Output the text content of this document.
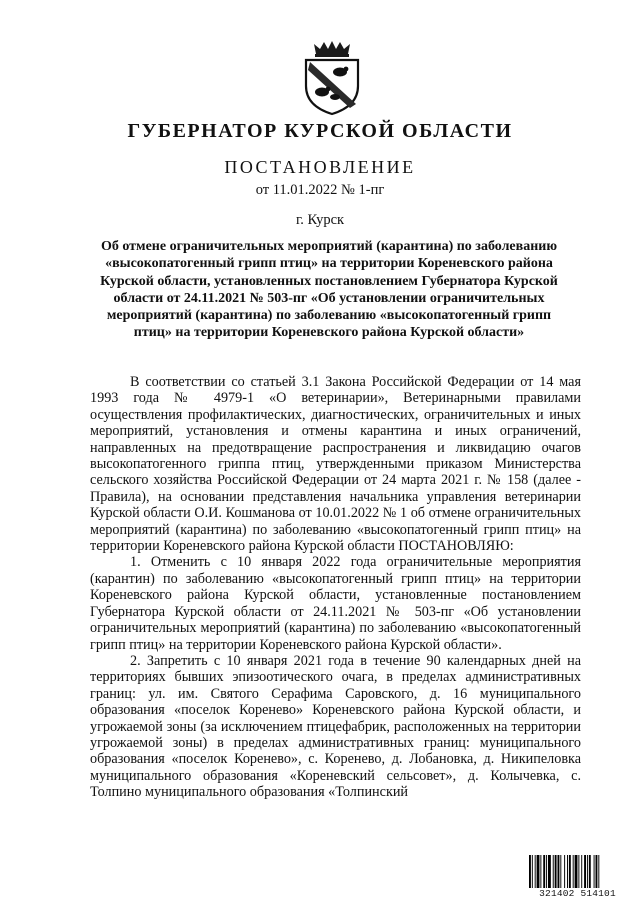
ГУБЕРНАТОР КУРСКОЙ ОБЛАСТИ
ПОСТАНОВЛЕНИЕ
от 11.01.2022 № 1-пг
г. Курск
Об отмене ограничительных мероприятий (карантина) по заболеванию «высокопатогенный грипп птиц» на территории Кореневского района Курской области, установленных постановлением Губернатора Курской области от 24.11.2021 № 503-пг «Об установлении ограничительных мероприятий (карантина) по заболеванию «высокопатогенный грипп птиц» на территории Кореневского района Курской области»

В соответствии со статьей 3.1 Закона Российской Федерации от 14 мая 1993 года № 4979-1 «О ветеринарии», Ветеринарными правилами осуществления профилактических, диагностических, ограничительных и иных мероприятий, установления и отмены карантина и иных ограничений, направленных на предотвращение распространения и ликвидацию очагов высокопатогенного гриппа птиц, утвержденными приказом Министерства сельского хозяйства Российской Федерации от 24 марта 2021 г. № 158 (далее - Правила), на основании представления начальника управления ветеринарии Курской области О.И. Кошманова от 10.01.2022 № 1 об отмене ограничительных мероприятий (карантина) по заболеванию «высокопатогенный грипп птиц» на территории Кореневского района Курской области ПОСТАНОВЛЯЮ:

1. Отменить с 10 января 2022 года ограничительные мероприятия (карантин) по заболеванию «высокопатогенный грипп птиц» на территории Кореневского района Курской области, установленные постановлением Губернатора Курской области от 24.11.2021 № 503-пг «Об установлении ограничительных мероприятий (карантина) по заболеванию «высокопатогенный грипп птиц» на территории Кореневского района Курской области».

2. Запретить с 10 января 2021 года в течение 90 календарных дней на территориях бывших эпизоотического очага, в пределах административных границ: ул. им. Святого Серафима Саровского, д. 16 муниципального образования «поселок Коренево» Кореневского района Курской области, и угрожаемой зоны (за исключением птицефабрик, расположенных на территории угрожаемой зоны) в пределах административных границ: муниципального образования «поселок Коренево», с. Коренево, д. Лобановка, д. Никипеловка муниципального образования «Кореневский сельсовет», д. Колычевка, с. Толпино муниципального образования «Толпинский

321402 514101
